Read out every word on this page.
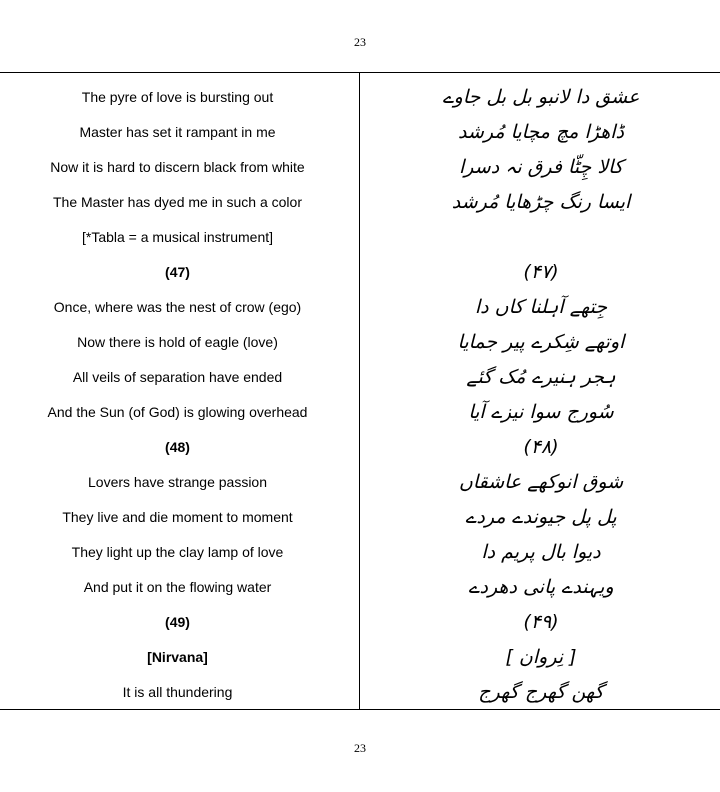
23
The pyre of love is bursting out	عشق دا لانبو بل بل جاوے
Master has set it rampant in me	ڈاھڑا مچ مچایا مُرشد
Now it is hard to discern black from white	کالا چِٹّا فرق نہ دسرا
The Master has dyed me in such a color	ایسا رنگ چڑھایا مُرشد
[*Tabla = a musical instrument]
(47)	(۴۷)
Once, where was the nest of crow (ego)	جِتھے آہلنا کاں دا
Now there is hold of eagle (love)	اوتھے شِکرے پیر جمایا
All veils of separation have ended	ہجر ہنیرے مُک گئے
And the Sun (of God) is glowing overhead	سُورج سوا نیزے آیا
(48)	(۴۸)
Lovers have strange passion	شوق انوکھے عاشقاں
They live and die moment to moment	پل پل جیوندے مردے
They light up the clay lamp of love	دیوا بال پریم دا
And put it on the flowing water	ویہندے پانی دھردے
(49)	(۴۹)
[Nirvana]	[ نِروان ]
It is all thundering	گھن گھرج گھرج
23
